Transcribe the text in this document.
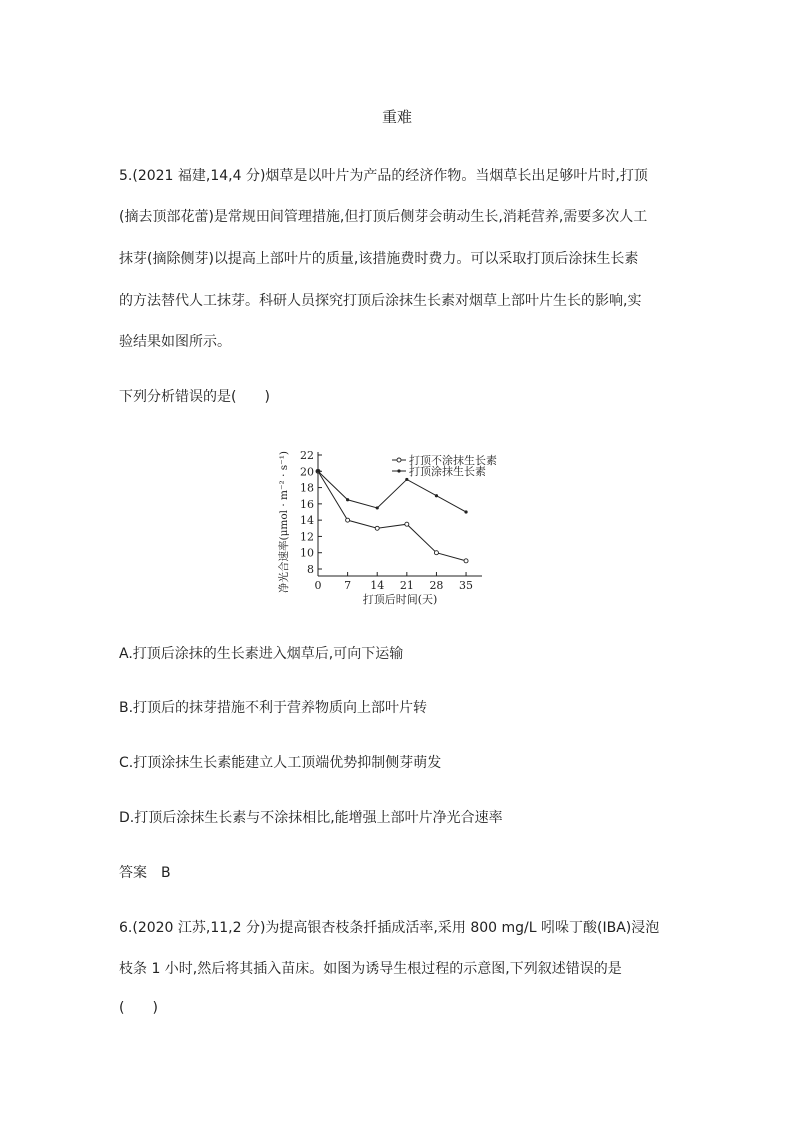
重难
5.(2021 福建,14,4 分)烟草是以叶片为产品的经济作物。当烟草长出足够叶片时,打顶
(摘去顶部花蕾)是常规田间管理措施,但打顶后侧芽会萌动生长,消耗营养,需要多次人工
抹芽(摘除侧芽)以提高上部叶片的质量,该措施费时费力。可以采取打顶后涂抹生长素
的方法替代人工抹芽。科研人员探究打顶后涂抹生长素对烟草上部叶片生长的影响,实
验结果如图所示。
下列分析错误的是( )
8
10
12
14
16
18
20
22
0 7 14 21 28 35
打顶不涂抹生长素
打顶涂抹生长素
净光合速率(μmol · m⁻² · s⁻¹)
打顶后时间(天)
A.打顶后涂抹的生长素进入烟草后,可向下运输
B.打顶后的抹芽措施不利于营养物质向上部叶片转
C.打顶涂抹生长素能建立人工顶端优势抑制侧芽萌发
D.打顶后涂抹生长素与不涂抹相比,能增强上部叶片净光合速率
答案 B
6.(2020 江苏,11,2 分)为提高银杏枝条扦插成活率,采用 800 mg/L 吲哚丁酸(IBA)浸泡
枝条 1 小时,然后将其插入苗床。如图为诱导生根过程的示意图,下列叙述错误的是
( )
